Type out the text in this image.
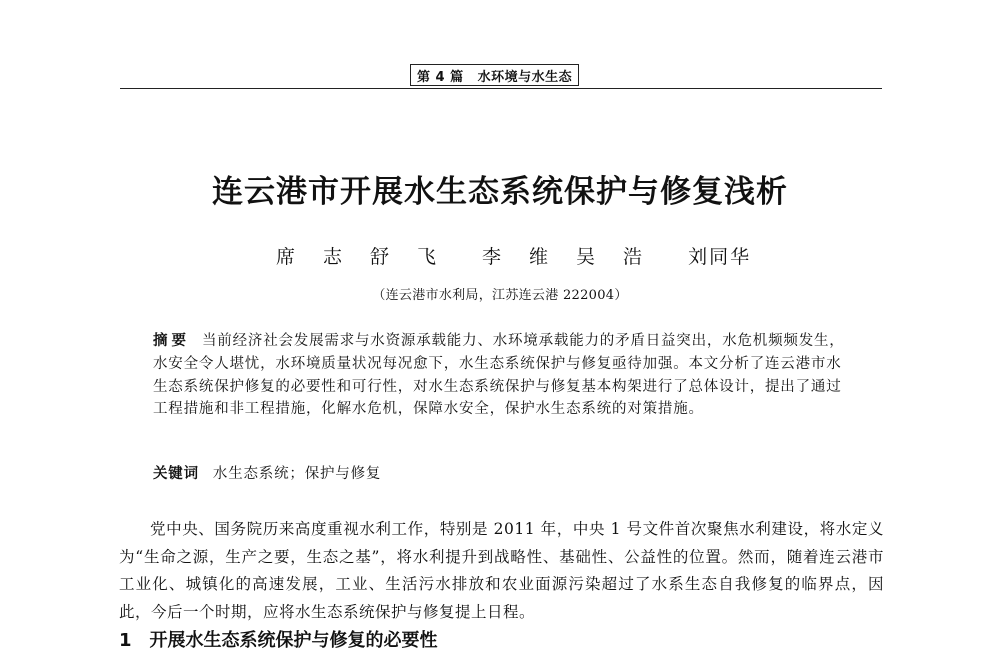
第 4 篇 水环境与水生态
连云港市开展水生态系统保护与修复浅析
席志舒飞 李维吴浩 刘同华
（连云港市水利局，江苏连云港 222004）
摘要 当前经济社会发展需求与水资源承载能力、水环境承载能力的矛盾日益突出，水危机频频发生，水安全令人堪忧，水环境质量状况每况愈下，水生态系统保护与修复亟待加强。本文分析了连云港市水生态系统保护修复的必要性和可行性，对水生态系统保护与修复基本构架进行了总体设计，提出了通过工程措施和非工程措施，化解水危机，保障水安全，保护水生态系统的对策措施。
关键词 水生态系统；保护与修复
党中央、国务院历来高度重视水利工作，特别是 2011 年，中央 1 号文件首次聚焦水利建设，将水定义为“生命之源，生产之要，生态之基”，将水利提升到战略性、基础性、公益性的位置。然而，随着连云港市工业化、城镇化的高速发展，工业、生活污水排放和农业面源污染超过了水系生态自我修复的临界点，因此，今后一个时期，应将水生态系统保护与修复提上日程。
1 开展水生态系统保护与修复的必要性
